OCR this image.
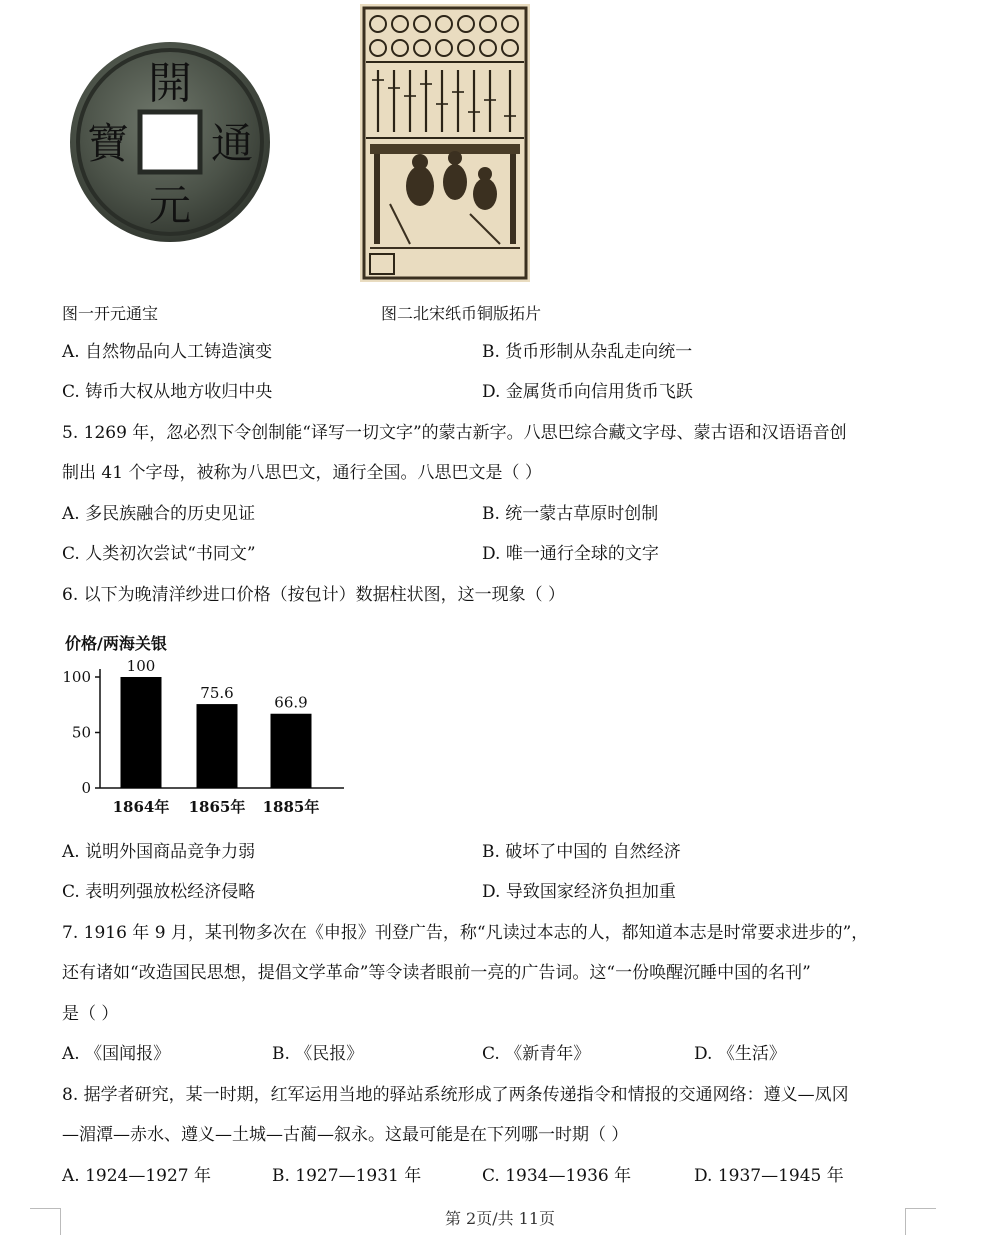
開
通
元
寶
图一开元通宝	图二北宋纸币铜版拓片
A. 自然物品向人工铸造演变	B. 货币形制从杂乱走向统一
C. 铸币大权从地方收归中央	D. 金属货币向信用货币飞跃
5. 1269 年，忽必烈下令创制能“译写一切文字”的蒙古新字。八思巴综合藏文字母、蒙古语和汉语语音创
制出 41 个字母，被称为八思巴文，通行全国。八思巴文是（ ）
A. 多民族融合的历史见证	B. 统一蒙古草原时创制
C. 人类初次尝试“书同文”	D. 唯一通行全球的文字
6. 以下为晚清洋纱进口价格（按包计）数据柱状图，这一现象（ ）
价格/两海关银
0
50
100
100
1864年
75.6
1865年
66.9
1885年
A. 说明外国商品竞争力弱	B. 破坏了中国的 自然经济
C. 表明列强放松经济侵略	D. 导致国家经济负担加重
7. 1916 年 9 月，某刊物多次在《申报》刊登广告，称“凡读过本志的人，都知道本志是时常要求进步的”，
还有诸如“改造国民思想，提倡文学革命”等令读者眼前一亮的广告词。这“一份唤醒沉睡中国的名刊”
是（ ）
A. 《国闻报》	B. 《民报》	C. 《新青年》	D. 《生活》
8. 据学者研究，某一时期，红军运用当地的驿站系统形成了两条传递指令和情报的交通网络：遵义—凤冈
—湄潭—赤水、遵义—土城—古蔺—叙永。这最可能是在下列哪一时期（ ）
A. 1924—1927 年	B. 1927—1931 年	C. 1934—1936 年	D. 1937—1945 年
第 2页/共 11页
